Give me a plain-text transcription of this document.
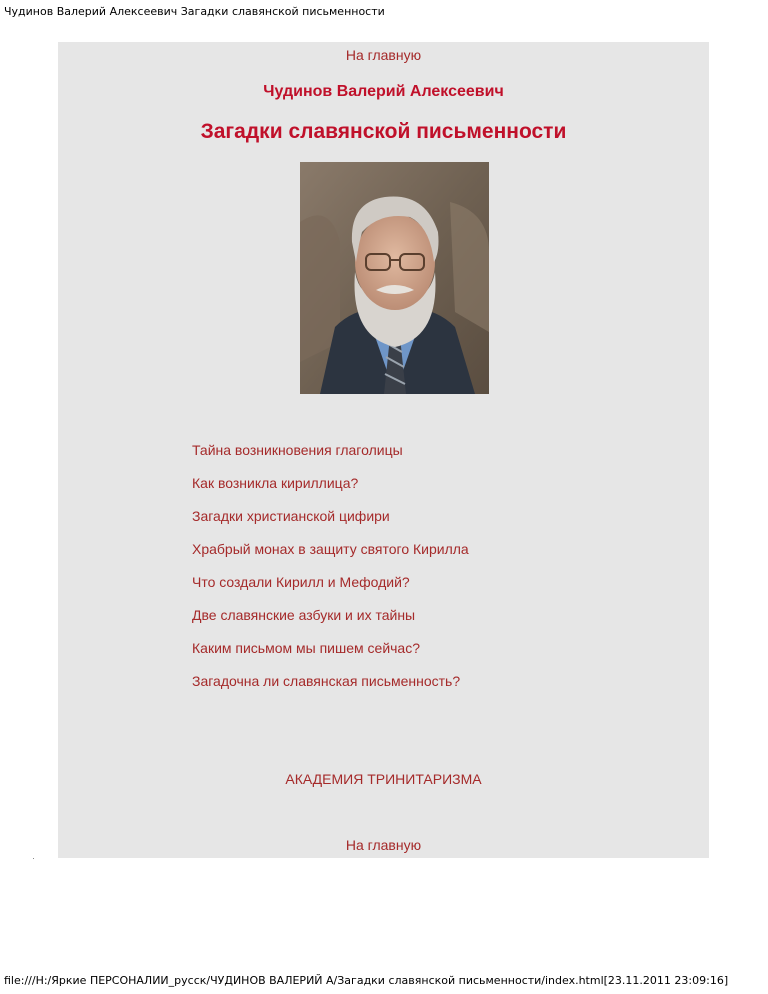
Чудинов Валерий Алексеевич Загадки славянской письменности
На главную
Чудинов Валерий Алексеевич
Загадки славянской письменности
Тайна возникновения глаголицы
Как возникла кириллица?
Загадки христианской цифири
Храбрый монах в защиту святого Кирилла
Что создали Кирилл и Мефодий?
Две славянские азбуки и их тайны
Каким письмом мы пишем сейчас?
Загадочна ли славянская письменность?
АКАДЕМИЯ ТРИНИТАРИЗМА
На главную
file:///H:/Яркие ПЕРСОНАЛИИ_русск/ЧУДИНОВ ВАЛЕРИЙ А/Загадки славянской письменности/index.html[23.11.2011 23:09:16]
